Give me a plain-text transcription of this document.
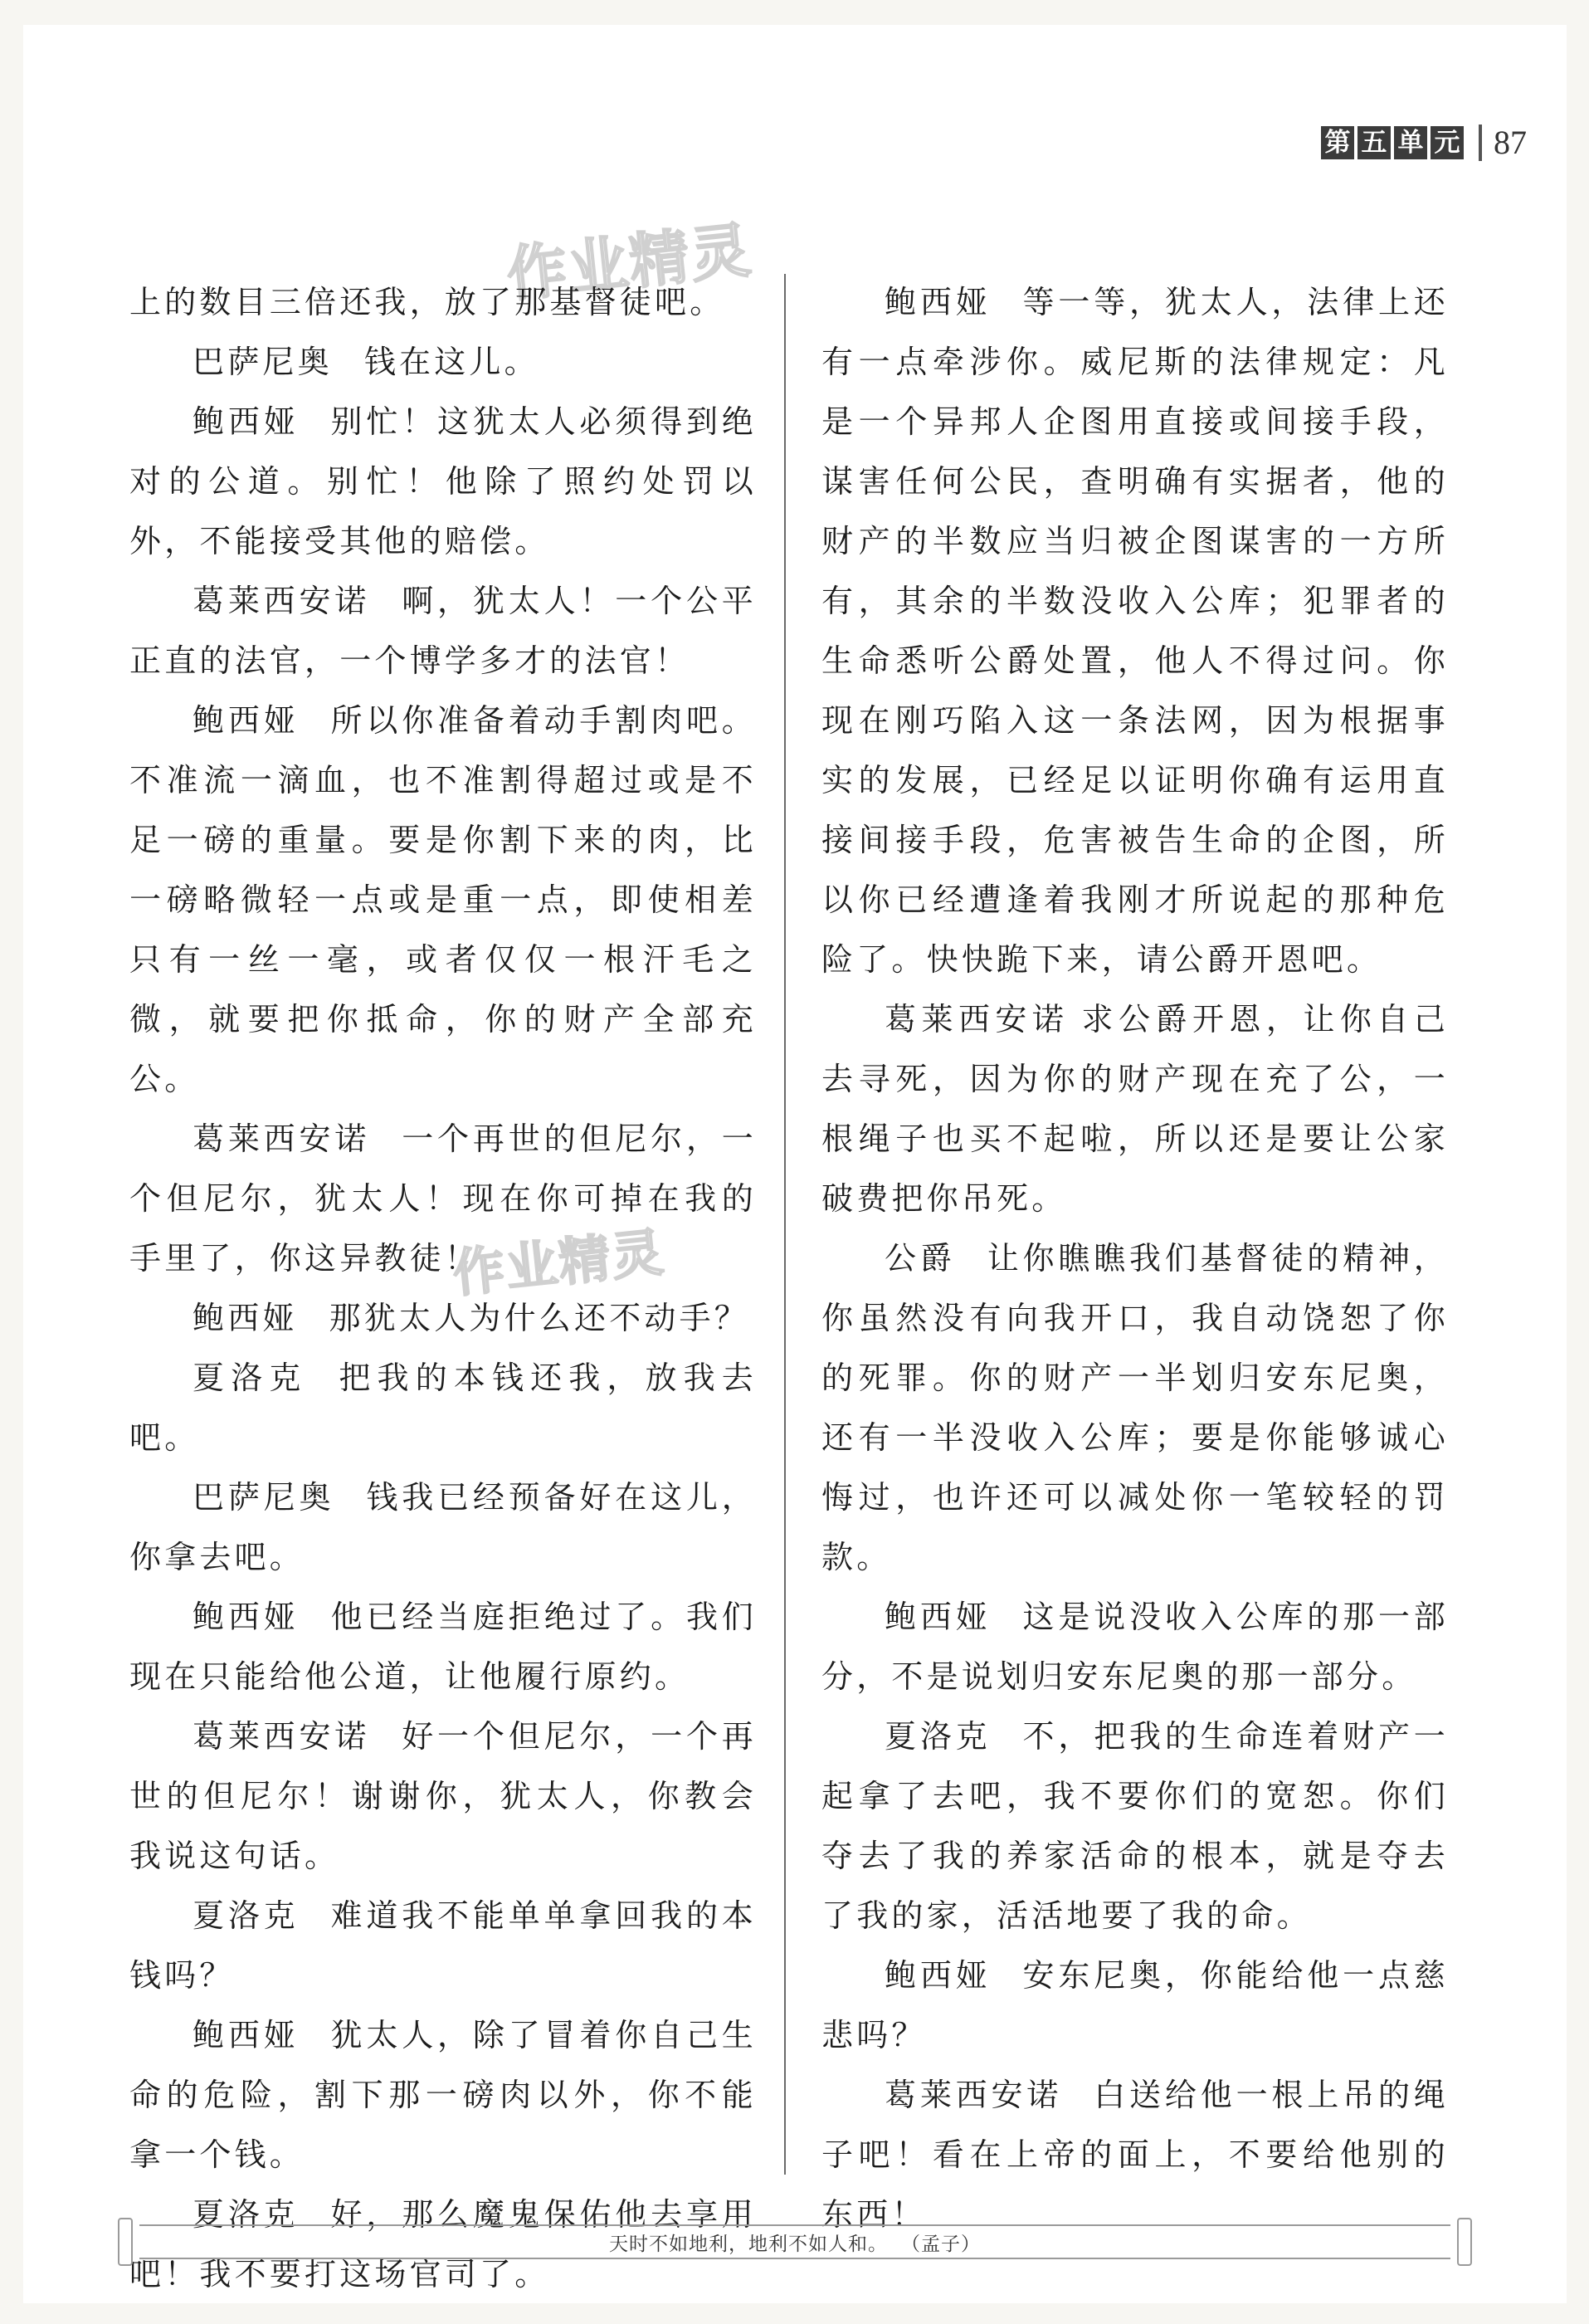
第 五 单 元 87
作业精灵
作业精灵

上的数目三倍还我，放了那基督徒吧。

巴萨尼奥 钱在这儿。

鲍西娅 别忙！这犹太人必须得到绝对的公道。别忙！他除了照约处罚以外，不能接受其他的赔偿。

葛莱西安诺 啊，犹太人！一个公平正直的法官，一个博学多才的法官！

鲍西娅 所以你准备着动手割肉吧。不准流一滴血，也不准割得超过或是不足一磅的重量。要是你割下来的肉，比一磅略微轻一点或是重一点，即使相差只有一丝一毫，或者仅仅一根汗毛之微，就要把你抵命，你的财产全部充公。

葛莱西安诺 一个再世的但尼尔，一个但尼尔，犹太人！现在你可掉在我的手里了，你这异教徒！

鲍西娅 那犹太人为什么还不动手？

夏洛克 把我的本钱还我，放我去吧。

巴萨尼奥 钱我已经预备好在这儿，你拿去吧。

鲍西娅 他已经当庭拒绝过了。我们现在只能给他公道，让他履行原约。

葛莱西安诺 好一个但尼尔，一个再世的但尼尔！谢谢你，犹太人，你教会我说这句话。

夏洛克 难道我不能单单拿回我的本钱吗？

鲍西娅 犹太人，除了冒着你自己生命的危险，割下那一磅肉以外，你不能拿一个钱。

夏洛克 好，那么魔鬼保佑他去享用吧！我不要打这场官司了。

鲍西娅 等一等，犹太人，法律上还有一点牵涉你。威尼斯的法律规定：凡是一个异邦人企图用直接或间接手段，谋害任何公民，查明确有实据者，他的财产的半数应当归被企图谋害的一方所有，其余的半数没收入公库；犯罪者的生命悉听公爵处置，他人不得过问。你现在刚巧陷入这一条法网，因为根据事实的发展，已经足以证明你确有运用直接间接手段，危害被告生命的企图，所以你已经遭逢着我刚才所说起的那种危险了。快快跪下来，请公爵开恩吧。

葛莱西安诺 求公爵开恩，让你自己去寻死，因为你的财产现在充了公，一根绳子也买不起啦，所以还是要让公家破费把你吊死。

公爵 让你瞧瞧我们基督徒的精神，你虽然没有向我开口，我自动饶恕了你的死罪。你的财产一半划归安东尼奥，还有一半没收入公库；要是你能够诚心悔过，也许还可以减处你一笔较轻的罚款。

鲍西娅 这是说没收入公库的那一部分，不是说划归安东尼奥的那一部分。

夏洛克 不，把我的生命连着财产一起拿了去吧，我不要你们的宽恕。你们夺去了我的养家活命的根本，就是夺去了我的家，活活地要了我的命。

鲍西娅 安东尼奥，你能给他一点慈悲吗？

葛莱西安诺 白送给他一根上吊的绳子吧！看在上帝的面上，不要给他别的东西！

天时不如地利，地利不如人和。 （孟子）
